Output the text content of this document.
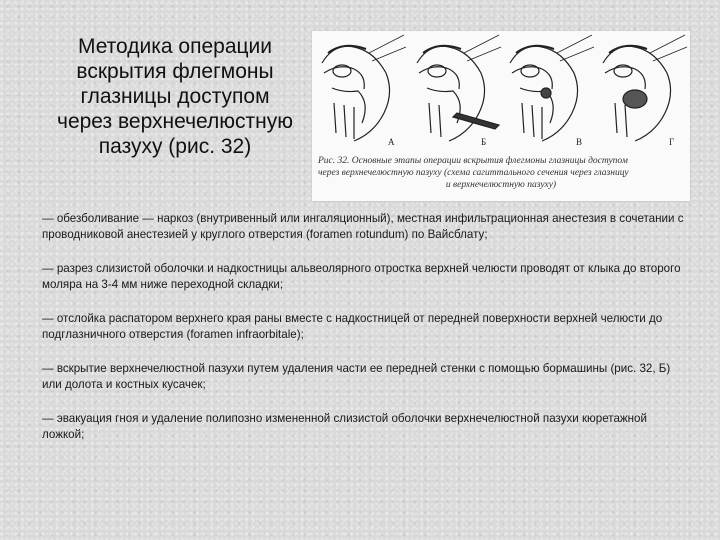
Методика операции
вскрытия флегмоны
глазницы доступом
через верхнечелюстную
пазуху (рис. 32)	А	Б	В	Г
Рис. 32. Основные этапы операции вскрытия флегмоны глазницы доступом
через верхнечелюстную пазуху (схема сагиттального сечения через глазницу
и верхнечелюстную пазуху)

— обезболивание — наркоз (внутривенный или ингаляционный), местная инфильтрационная анестезия в сочетании с проводниковой анестезией у круглого отверстия (foramen rotundum) по Вайсблату;

— разрез слизистой оболочки и надкостницы альвеолярного отростка верхней челюсти проводят от клыка до второго моляра на 3-4 мм ниже переходной складки;

— отслойка распатором верхнего края раны вместе с надкостницей от передней поверхности верхней челюсти до подглазничного отверстия (foramen infraorbitale);

— вскрытие верхнечелюстной пазухи путем удаления части ее передней стенки с помощью бормашины (рис. 32, Б) или долота и костных кусачек;

— эвакуация гноя и удаление полипозно измененной слизистой оболочки верхнечелюстной пазухи кюретажной ложкой;
